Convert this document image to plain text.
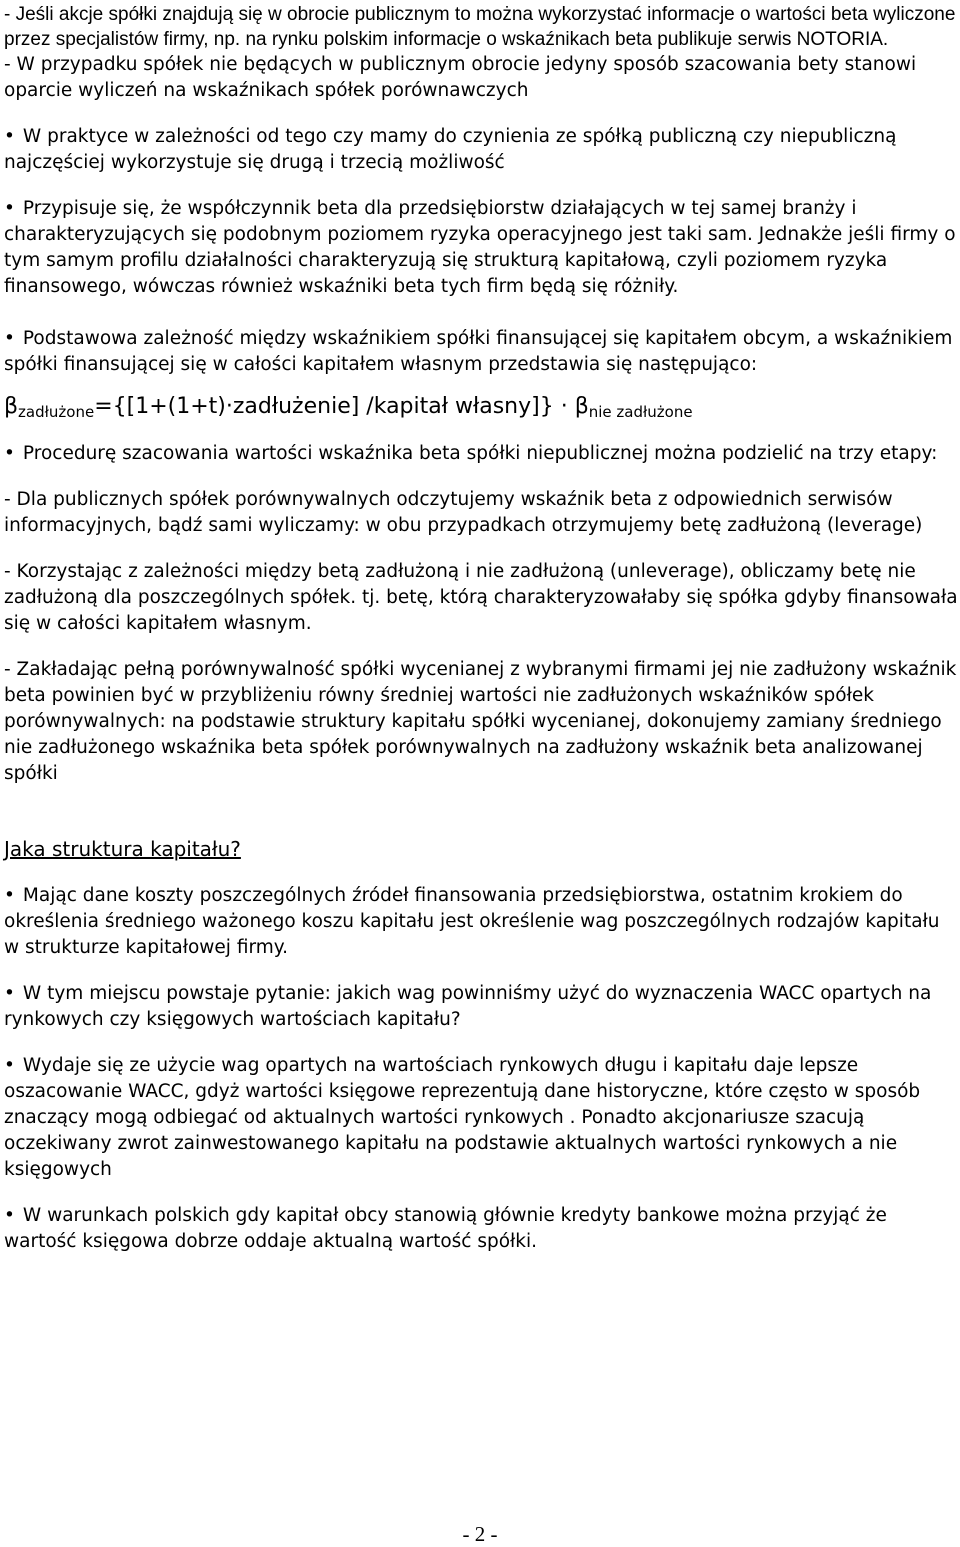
- Jeśli akcje spółki znajdują się w obrocie publicznym to można wykorzystać informacje o wartości beta wyliczone przez specjalistów firmy, np. na rynku polskim informacje o wskaźnikach beta publikuje serwis NOTORIA.

- W przypadku spółek nie będących w publicznym obrocie jedyny sposób szacowania bety stanowi oparcie wyliczeń na wskaźnikach spółek porównawczych

• W praktyce w zależności od tego czy mamy do czynienia ze spółką publiczną czy niepubliczną najczęściej wykorzystuje się drugą i trzecią możliwość

• Przypisuje się, że współczynnik beta dla przedsiębiorstw działających w tej samej branży i charakteryzujących się podobnym poziomem ryzyka operacyjnego jest taki sam. Jednakże jeśli firmy o tym samym profilu działalności charakteryzują się strukturą kapitałową, czyli poziomem ryzyka finansowego, wówczas również wskaźniki beta tych firm będą się różniły.

• Podstawowa zależność między wskaźnikiem spółki finansującej się kapitałem obcym, a wskaźnikiem spółki finansującej się w całości kapitałem własnym przedstawia się następująco:

$\beta_{zadłużone}=\{[1+(1+t)\cdot zadłużenie]$ /kapitał własny]} · $\beta_{nie zadłużone}$

• Procedurę szacowania wartości wskaźnika beta spółki niepublicznej można podzielić na trzy etapy:

- Dla publicznych spółek porównywalnych odczytujemy wskaźnik beta z odpowiednich serwisów informacyjnych, bądź sami wyliczamy: w obu przypadkach otrzymujemy betę zadłużoną (leverage)

- Korzystając z zależności między betą zadłużoną i nie zadłużoną (unleverage), obliczamy betę nie zadłużoną dla poszczególnych spółek. tj. betę, którą charakteryzowałaby się spółka gdyby finansowała się w całości kapitałem własnym.

- Zakładając pełną porównywalność spółki wycenianej z wybranymi firmami jej nie zadłużony wskaźnik beta powinien być w przybliżeniu równy średniej wartości nie zadłużonych wskaźników spółek porównywalnych: na podstawie struktury kapitału spółki wycenianej, dokonujemy zamiany średniego nie zadłużonego wskaźnika beta spółek porównywalnych na zadłużony wskaźnik beta analizowanej spółki

Jaka struktura kapitału?

• Mając dane koszty poszczególnych źródeł finansowania przedsiębiorstwa, ostatnim krokiem do określenia średniego ważonego koszu kapitału jest określenie wag poszczególnych rodzajów kapitału w strukturze kapitałowej firmy.

• W tym miejscu powstaje pytanie: jakich wag powinniśmy użyć do wyznaczenia WACC opartych na rynkowych czy księgowych wartościach kapitału?

• Wydaje się ze użycie wag opartych na wartościach rynkowych długu i kapitału daje lepsze oszacowanie WACC, gdyż wartości księgowe reprezentują dane historyczne, które często w sposób znaczący mogą odbiegać od aktualnych wartości rynkowych . Ponadto akcjonariusze szacują oczekiwany zwrot zainwestowanego kapitału na podstawie aktualnych wartości rynkowych a nie księgowych

• W warunkach polskich gdy kapitał obcy stanowią głównie kredyty bankowe można przyjąć że wartość księgowa dobrze oddaje aktualną wartość spółki.

- 2 -
